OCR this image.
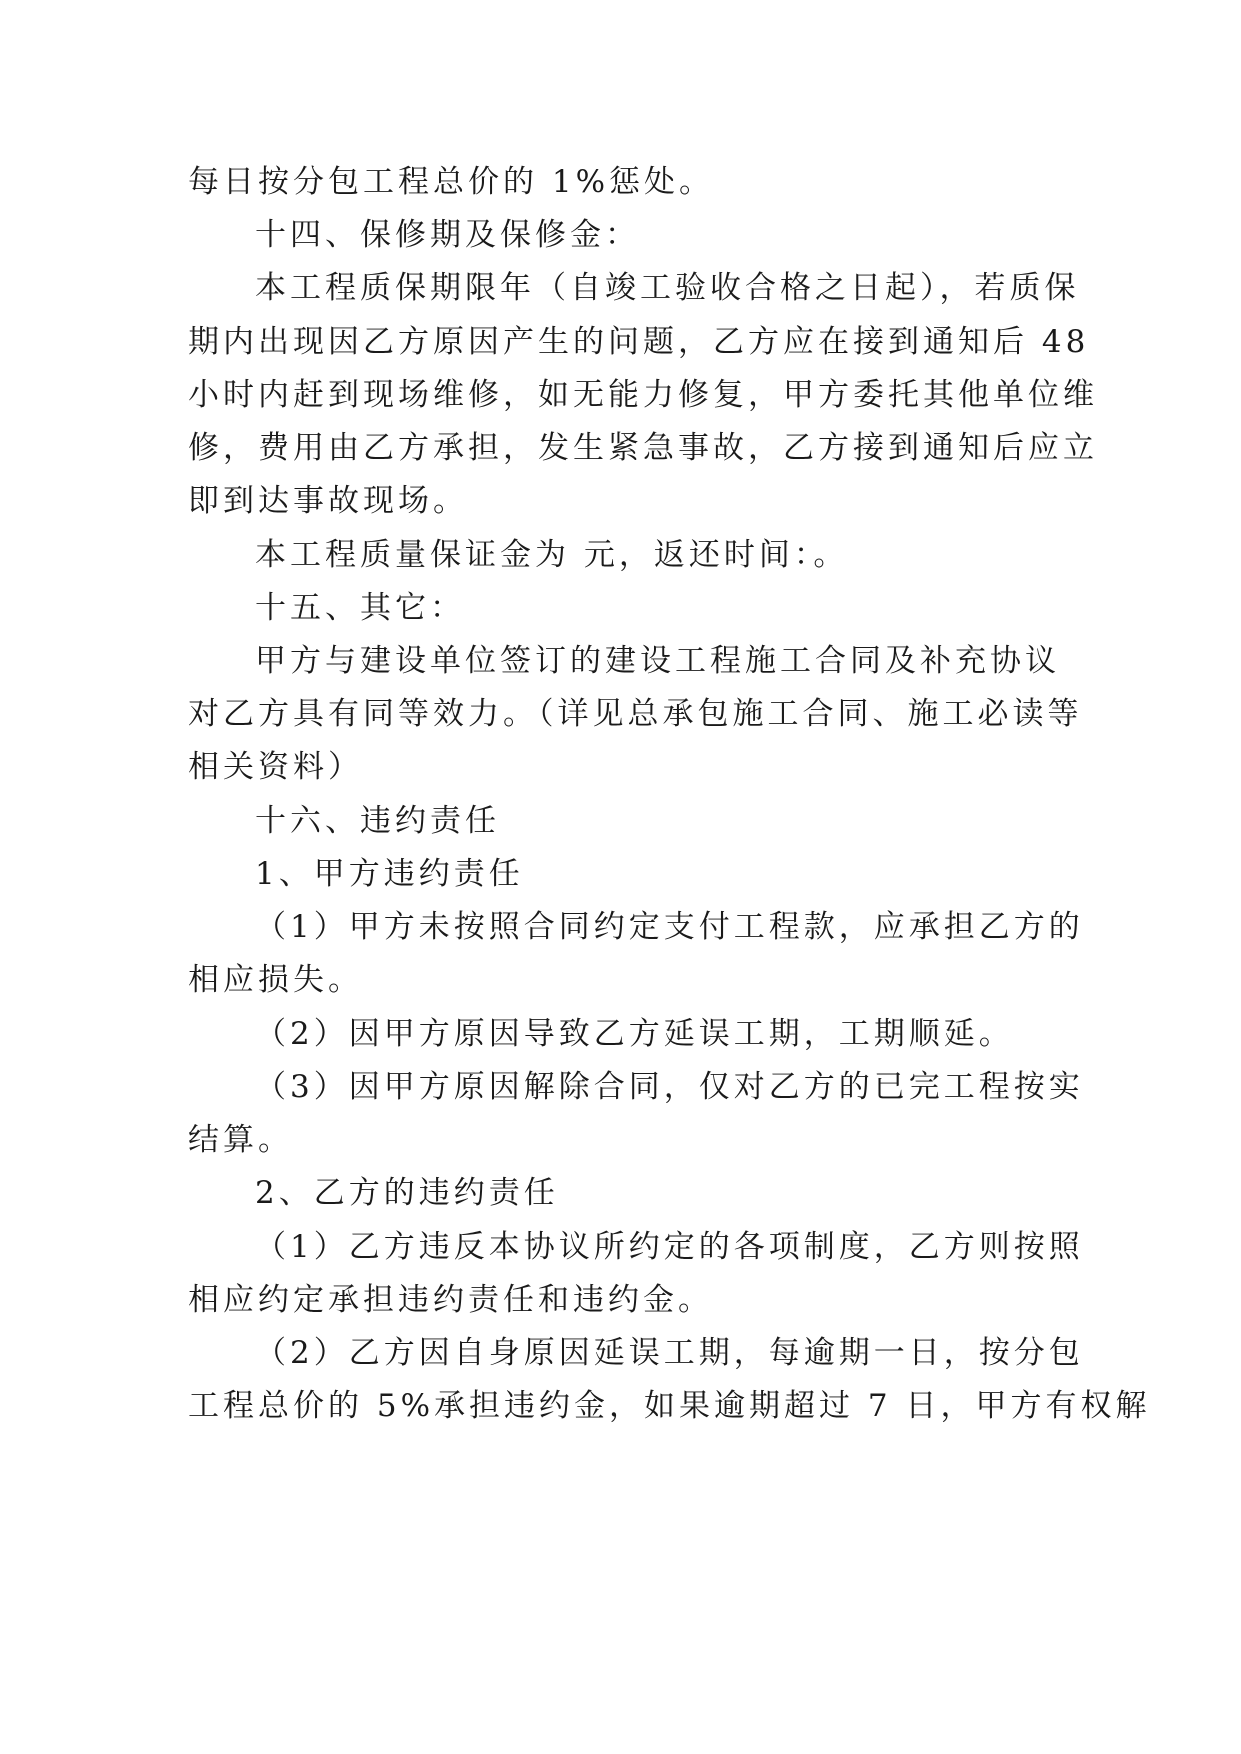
每日按分包工程总价的 1%惩处。

十四、保修期及保修金：

本工程质保期限年（自竣工验收合格之日起），若质保

期内出现因乙方原因产生的问题，乙方应在接到通知后 48

小时内赶到现场维修，如无能力修复，甲方委托其他单位维

修，费用由乙方承担，发生紧急事故，乙方接到通知后应立

即到达事故现场。

本工程质量保证金为 元，返还时间：。

十五、其它：

甲方与建设单位签订的建设工程施工合同及补充协议

对乙方具有同等效力。（详见总承包施工合同、施工必读等

相关资料）

十六、违约责任

1、甲方违约责任

（1）甲方未按照合同约定支付工程款，应承担乙方的

相应损失。

（2）因甲方原因导致乙方延误工期，工期顺延。

（3）因甲方原因解除合同，仅对乙方的已完工程按实

结算。

2、乙方的违约责任

（1）乙方违反本协议所约定的各项制度，乙方则按照

相应约定承担违约责任和违约金。

（2）乙方因自身原因延误工期，每逾期一日，按分包

工程总价的 5%承担违约金，如果逾期超过 7 日，甲方有权解
